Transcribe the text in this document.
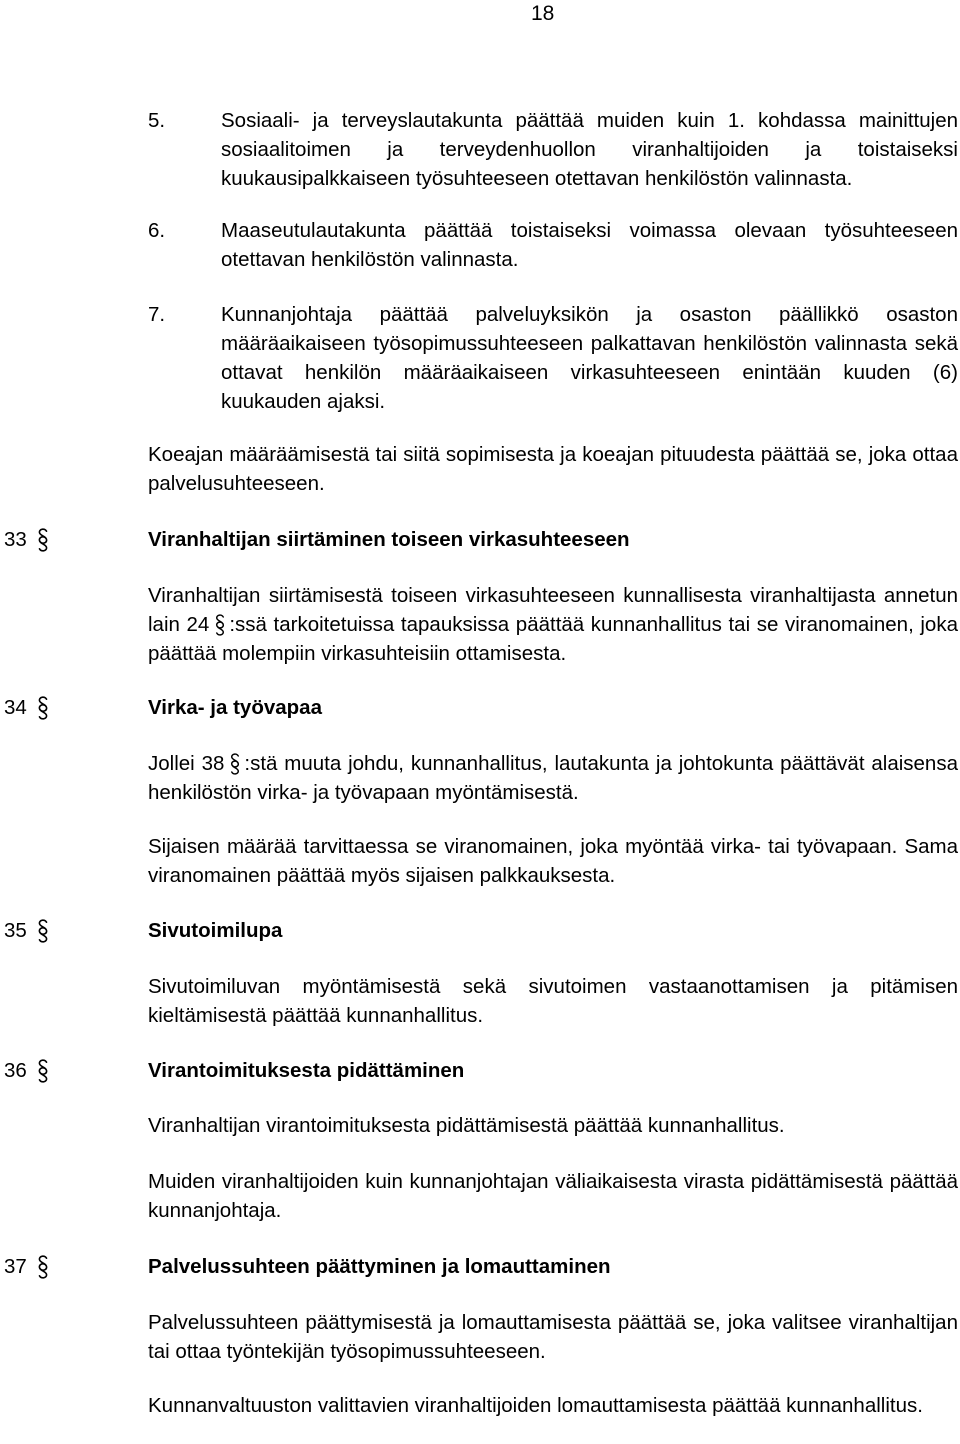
18
5.	Sosiaali- ja terveyslautakunta päättää muiden kuin 1. kohdassa mainittujen sosiaalitoimen ja terveydenhuollon viranhaltijoiden ja toistaiseksi kuukausipalkkaiseen työsuhteeseen otettavan henkilöstön valinnasta.
6.	Maaseutulautakunta päättää toistaiseksi voimassa olevaan työsuhteeseen otettavan henkilöstön valinnasta.
7.	Kunnanjohtaja päättää palveluyksikön ja osaston päällikkö osaston määräaikaiseen työsopimussuhteeseen palkattavan henkilöstön valinnasta sekä ottavat henkilön määräaikaiseen virkasuhteeseen enintään kuuden (6) kuukauden ajaksi.
Koeajan määräämisestä tai siitä sopimisesta ja koeajan pituudesta päättää se, joka ottaa palvelusuhteeseen.
33	Viranhaltijan siirtäminen toiseen virkasuhteeseen
Viranhaltijan siirtämisestä toiseen virkasuhteeseen kunnallisesta viranhaltijasta annetun lain 24 :ssä tarkoitetuissa tapauksissa päättää kunnanhallitus tai se viranomainen, joka päättää molempiin virkasuhteisiin ottamisesta.
34	Virka- ja työvapaa
Jollei 38 :stä muuta johdu, kunnanhallitus, lautakunta ja johtokunta päättävät alaisensa henkilöstön virka- ja työvapaan myöntämisestä.
Sijaisen määrää tarvittaessa se viranomainen, joka myöntää virka- tai työvapaan. Sama viranomainen päättää myös sijaisen palkkauksesta.
35	Sivutoimilupa
Sivutoimiluvan myöntämisestä sekä sivutoimen vastaanottamisen ja pitämisen kieltämisestä päättää kunnanhallitus.
36	Virantoimituksesta pidättäminen
Viranhaltijan virantoimituksesta pidättämisestä päättää kunnanhallitus.
Muiden viranhaltijoiden kuin kunnanjohtajan väliaikaisesta virasta pidättämisestä päättää kunnanjohtaja.
37	Palvelussuhteen päättyminen ja lomauttaminen
Palvelussuhteen päättymisestä ja lomauttamisesta päättää se, joka valitsee viranhaltijan tai ottaa työntekijän työsopimussuhteeseen.
Kunnanvaltuuston valittavien viranhaltijoiden lomauttamisesta päättää kunnanhallitus.
